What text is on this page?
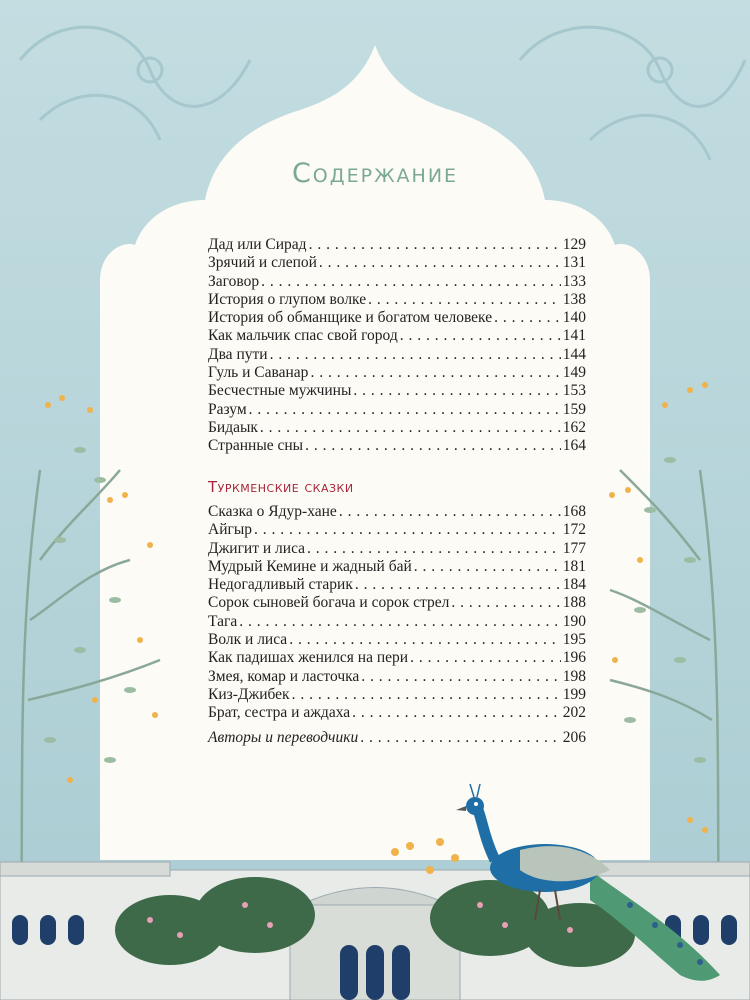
Содержание
Дад или Сирад . . .	129
Зрячий и слепой . . .	131
Заговор . . .	133
История о глупом волке . . .	138
История об обманщике и богатом человеке . . .	140
Как мальчик спас свой город . . .	141
Два пути . . .	144
Гуль и Саванар . . .	149
Бесчестные мужчины . . .	153
Разум . . .	159
Бидаык . . .	162
Странные сны . . .	164
Туркменские сказки
Сказка о Ядур-хане . . .	168
Айгыр . . .	172
Джигит и лиса . . .	177
Мудрый Кемине и жадный бай . . .	181
Недогадливый старик . . .	184
Сорок сыновей богача и сорок стрел . . .	188
Тага . . .	190
Волк и лиса . . .	195
Как падишах женился на пери . . .	196
Змея, комар и ласточка . . .	198
Киз-Джибек . . .	199
Брат, сестра и аждаха . . .	202
Авторы и переводчики . . .	206
